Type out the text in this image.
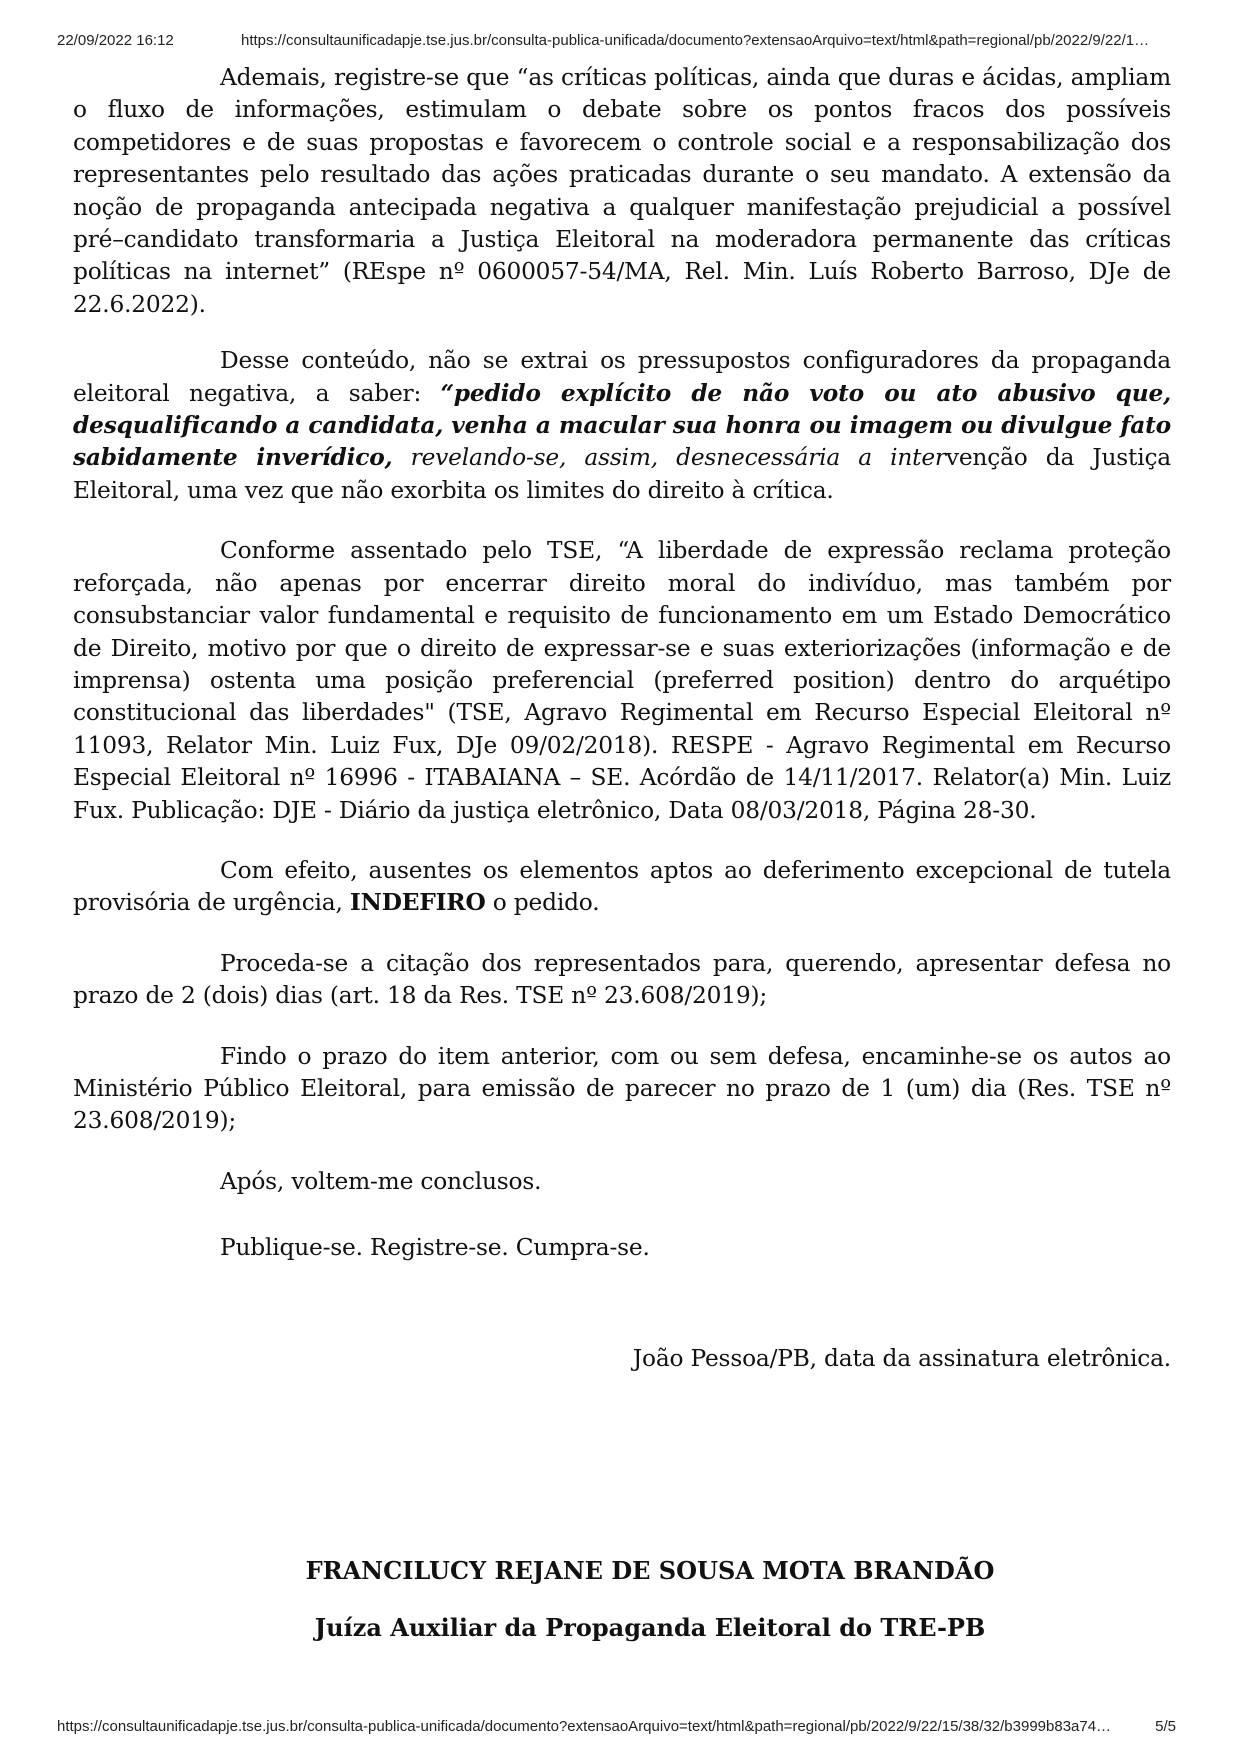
22/09/2022 16:12	https://consultaunificadapje.tse.jus.br/consulta-publica-unificada/documento?extensaoArquivo=text/html&path=regional/pb/2022/9/22/1…

Ademais, registre-se que “as críticas políticas, ainda que duras e ácidas, ampliam o fluxo de informações, estimulam o debate sobre os pontos fracos dos possíveis competidores e de suas propostas e favorecem o controle social e a responsabilização dos representantes pelo resultado das ações praticadas durante o seu mandato. A extensão da noção de propaganda antecipada negativa a qualquer manifestação prejudicial a possível pré–candidato transformaria a Justiça Eleitoral na moderadora permanente das críticas políticas na internet” (REspe nº 0600057-54/MA, Rel. Min. Luís Roberto Barroso, DJe de 22.6.2022).

Desse conteúdo, não se extrai os pressupostos configuradores da propaganda eleitoral negativa, a saber: “pedido explícito de não voto ou ato abusivo que, desqualificando a candidata, venha a macular sua honra ou imagem ou divulgue fato sabidamente inverídico, revelando-se, assim, desnecessária a intervenção da Justiça Eleitoral, uma vez que não exorbita os limites do direito à crítica.

Conforme assentado pelo TSE, “A liberdade de expressão reclama proteção reforçada, não apenas por encerrar direito moral do indivíduo, mas também por consubstanciar valor fundamental e requisito de funcionamento em um Estado Democrático de Direito, motivo por que o direito de expressar-se e suas exteriorizações (informação e de imprensa) ostenta uma posição preferencial (preferred position) dentro do arquétipo constitucional das liberdades" (TSE, Agravo Regimental em Recurso Especial Eleitoral nº 11093, Relator Min. Luiz Fux, DJe 09/02/2018). RESPE - Agravo Regimental em Recurso Especial Eleitoral nº 16996 - ITABAIANA – SE. Acórdão de 14/11/2017. Relator(a) Min. Luiz Fux. Publicação: DJE - Diário da justiça eletrônico, Data 08/03/2018, Página 28-30.

Com efeito, ausentes os elementos aptos ao deferimento excepcional de tutela provisória de urgência, INDEFIRO o pedido.

Proceda-se a citação dos representados para, querendo, apresentar defesa no prazo de 2 (dois) dias (art. 18 da Res. TSE nº 23.608/2019);

Findo o prazo do item anterior, com ou sem defesa, encaminhe-se os autos ao Ministério Público Eleitoral, para emissão de parecer no prazo de 1 (um) dia (Res. TSE nº 23.608/2019);

Após, voltem-me conclusos.

Publique-se. Registre-se. Cumpra-se.

João Pessoa/PB, data da assinatura eletrônica.

FRANCILUCY REJANE DE SOUSA MOTA BRANDÃO
Juíza Auxiliar da Propaganda Eleitoral do TRE-PB
https://consultaunificadapje.tse.jus.br/consulta-publica-unificada/documento?extensaoArquivo=text/html&path=regional/pb/2022/9/22/15/38/32/b3999b83a74…	5/5
